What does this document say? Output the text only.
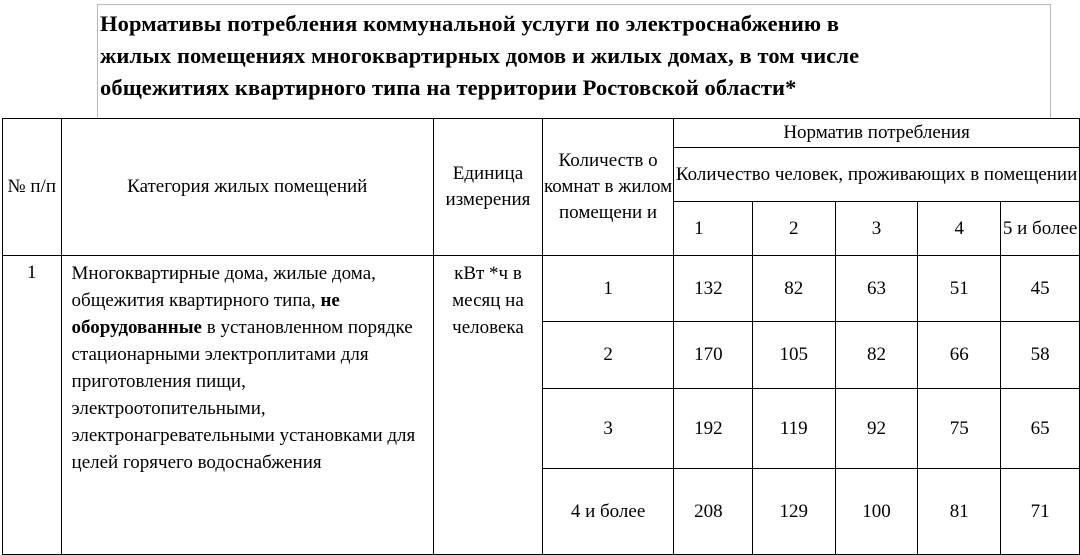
Нормативы потребления коммунальной услуги по электроснабжению в
жилых помещениях многоквартирных домов и жилых домах, в том числе
общежитиях квартирного типа на территории Ростовской области*
№ п/п	Категория жилых помещений	Единица измерения	Количеств о комнат в жилом помещени и	Норматив потребления				
				Количество человек, проживающих в помещении				
				1	2	3	4	5 и более
1	Многоквартирные дома, жилые дома, общежития квартирного типа, не оборудованные в установленном порядке стационарными электроплитами для приготовления пищи, электроотопительными, электронагревательными установками для целей горячего водоснабжения	кВт *ч в месяц на человека	1	132	82	63	51	45
			2	170	105	82	66	58
			3	192	119	92	75	65
			4 и более	208	129	100	81	71
